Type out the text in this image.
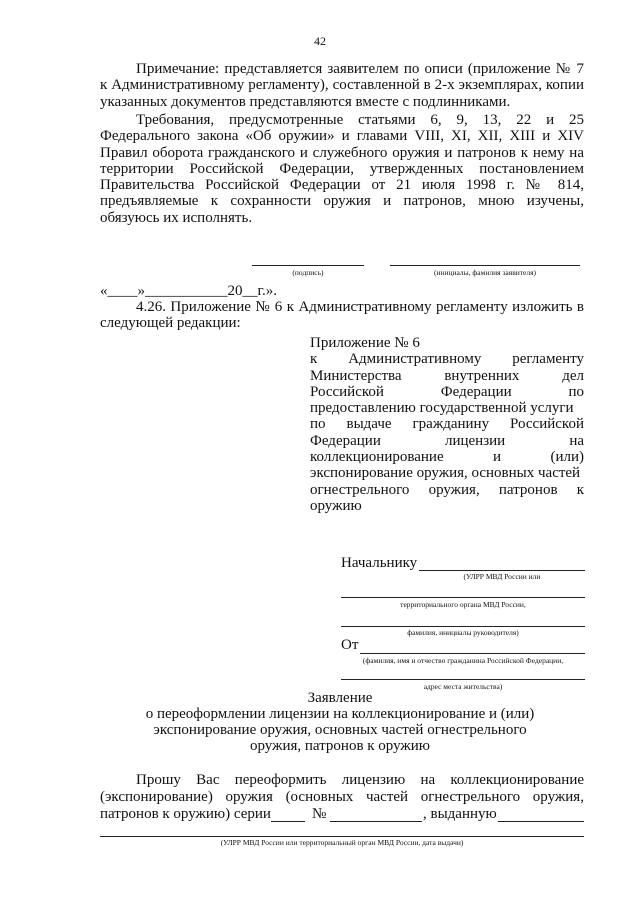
42

Примечание: представляется заявителем по описи (приложение № 7 к Административному регламенту), составленной в 2-х экземплярах, копии указанных документов представляются вместе с подлинниками.

Требования, предусмотренные статьями 6, 9, 13, 22 и 25 Федерального закона «Об оружии» и главами VIII, XI, XII, XIII и XIV Правил оборота гражданского и служебного оружия и патронов к нему на территории Российской Федерации, утвержденных постановлением Правительства Российской Федерации от 21 июля 1998 г. № 814, предъявляемые к сохранности оружия и патронов, мною изучены, обязуюсь их исполнять.

(подпись)	(инициалы, фамилия заявителя)
«____»___________20__г.».

4.26. Приложение № 6 к Административному регламенту изложить в следующей редакции:

Приложение № 6
к Административному регламенту
Министерства	внутренних	дел
Российской	Федерации	по
предоставлению государственной услуги
по выдаче гражданину Российской
Федерации	лицензии	на
коллекционирование	и	(или)
экспонирование оружия, основных частей
огнестрельного оружия, патронов к
оружию
Начальнику
(УЛРР МВД России или
территориального органа МВД России,
фамилия, инициалы руководителя)
От
(фамилия, имя и отчество гражданина Российской Федерации,
адрес места жительства)
Заявление
о переоформлении лицензии на коллекционирование и (или)
экспонирование оружия, основных частей огнестрельного
оружия, патронов к оружию
Прошу Вас переоформить лицензию на коллекционирование
(экспонирование) оружия (основных частей огнестрельного оружия,
патронов к оружию) серии	№	, выданную
(УЛРР МВД России или территориальный орган МВД России, дата выдачи)
